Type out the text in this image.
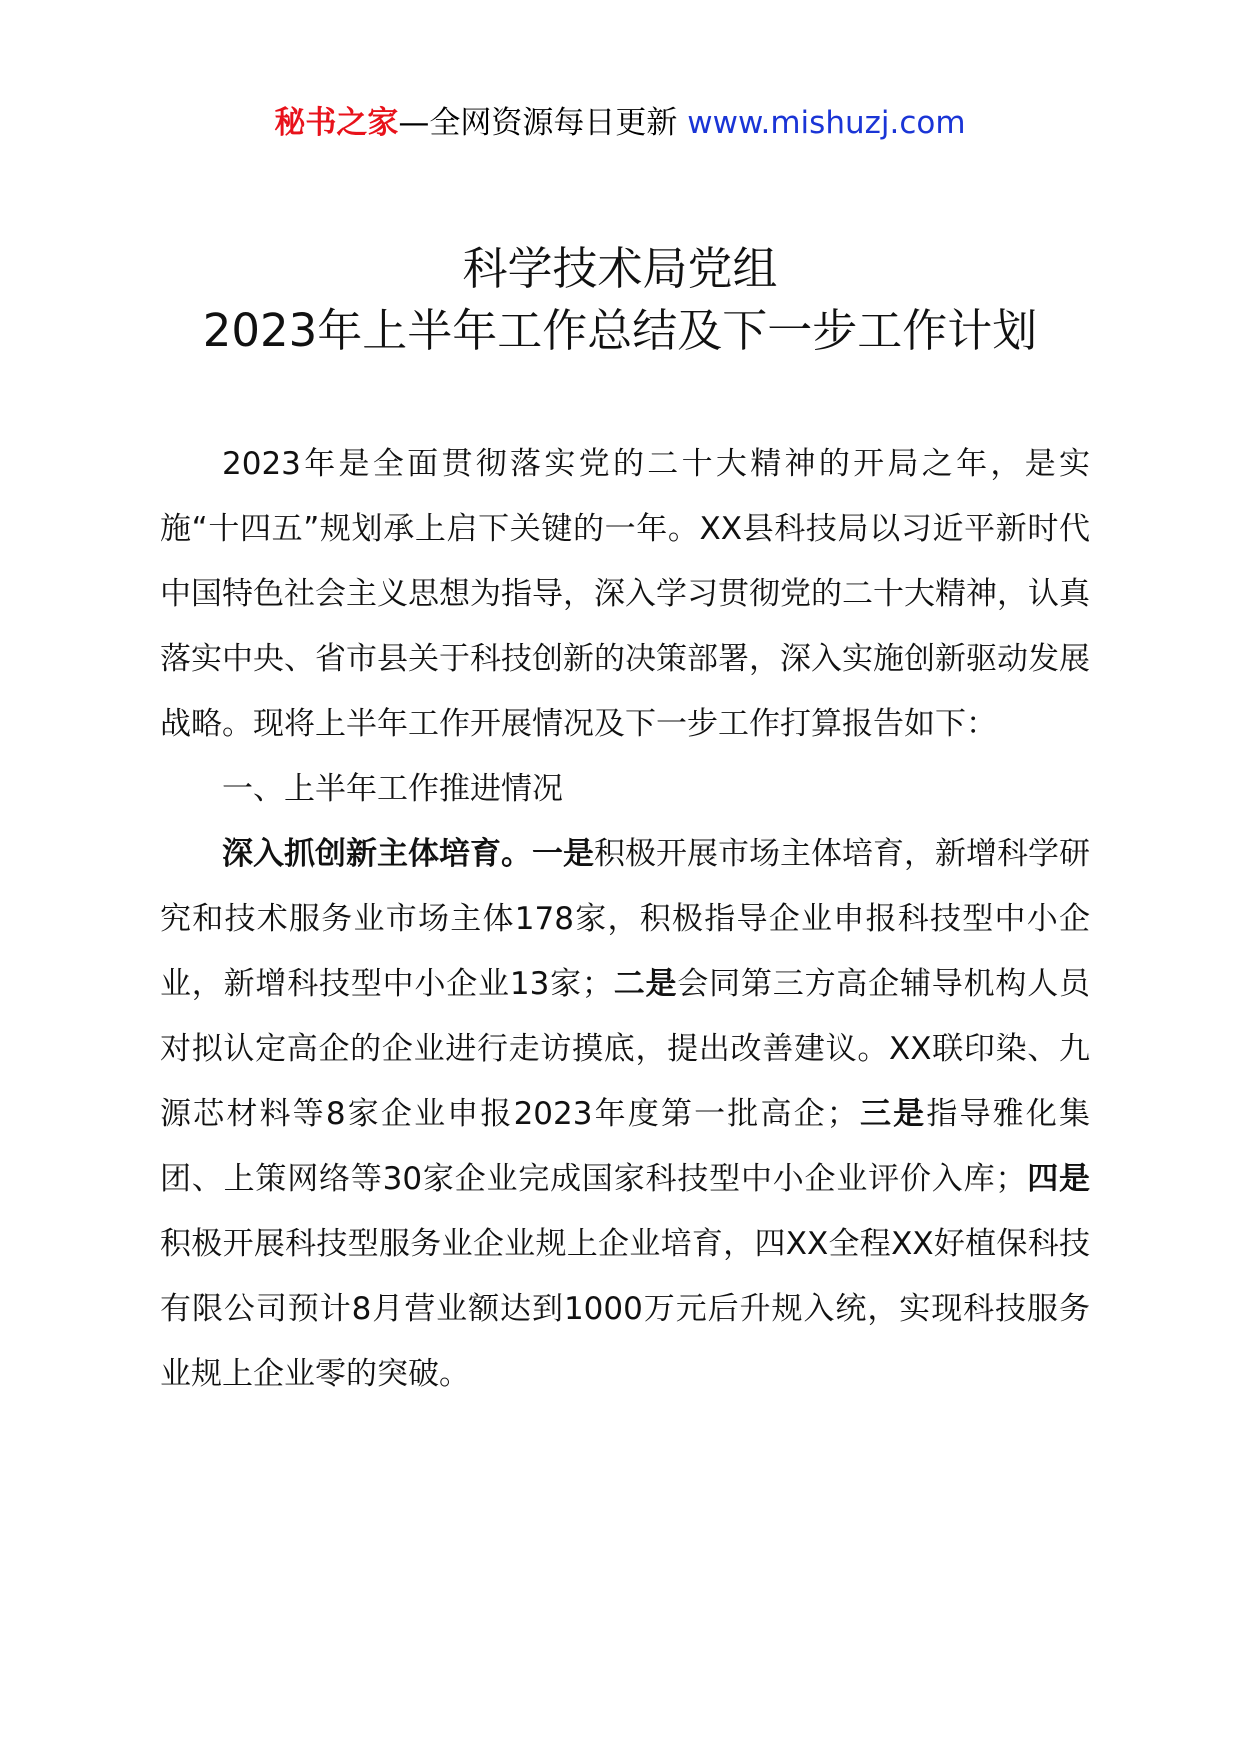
秘书之家—全网资源每日更新 www.mishuzj.com
科学技术局党组
2023年上半年工作总结及下一步工作计划

2023年是全面贯彻落实党的二十大精神的开局之年，是实施“十四五”规划承上启下关键的一年。XX县科技局以习近平新时代中国特色社会主义思想为指导，深入学习贯彻党的二十大精神，认真落实中央、省市县关于科技创新的决策部署，深入实施创新驱动发展战略。现将上半年工作开展情况及下一步工作打算报告如下：

一、上半年工作推进情况

深入抓创新主体培育。一是积极开展市场主体培育，新增科学研究和技术服务业市场主体178家，积极指导企业申报科技型中小企业，新增科技型中小企业13家；二是会同第三方高企辅导机构人员对拟认定高企的企业进行走访摸底，提出改善建议。XX联印染、九源芯材料等8家企业申报2023年度第一批高企；三是指导雅化集团、上策网络等30家企业完成国家科技型中小企业评价入库；四是积极开展科技型服务业企业规上企业培育，四XX全程XX好植保科技有限公司预计8月营业额达到1000万元后升规入统，实现科技服务业规上企业零的突破。
